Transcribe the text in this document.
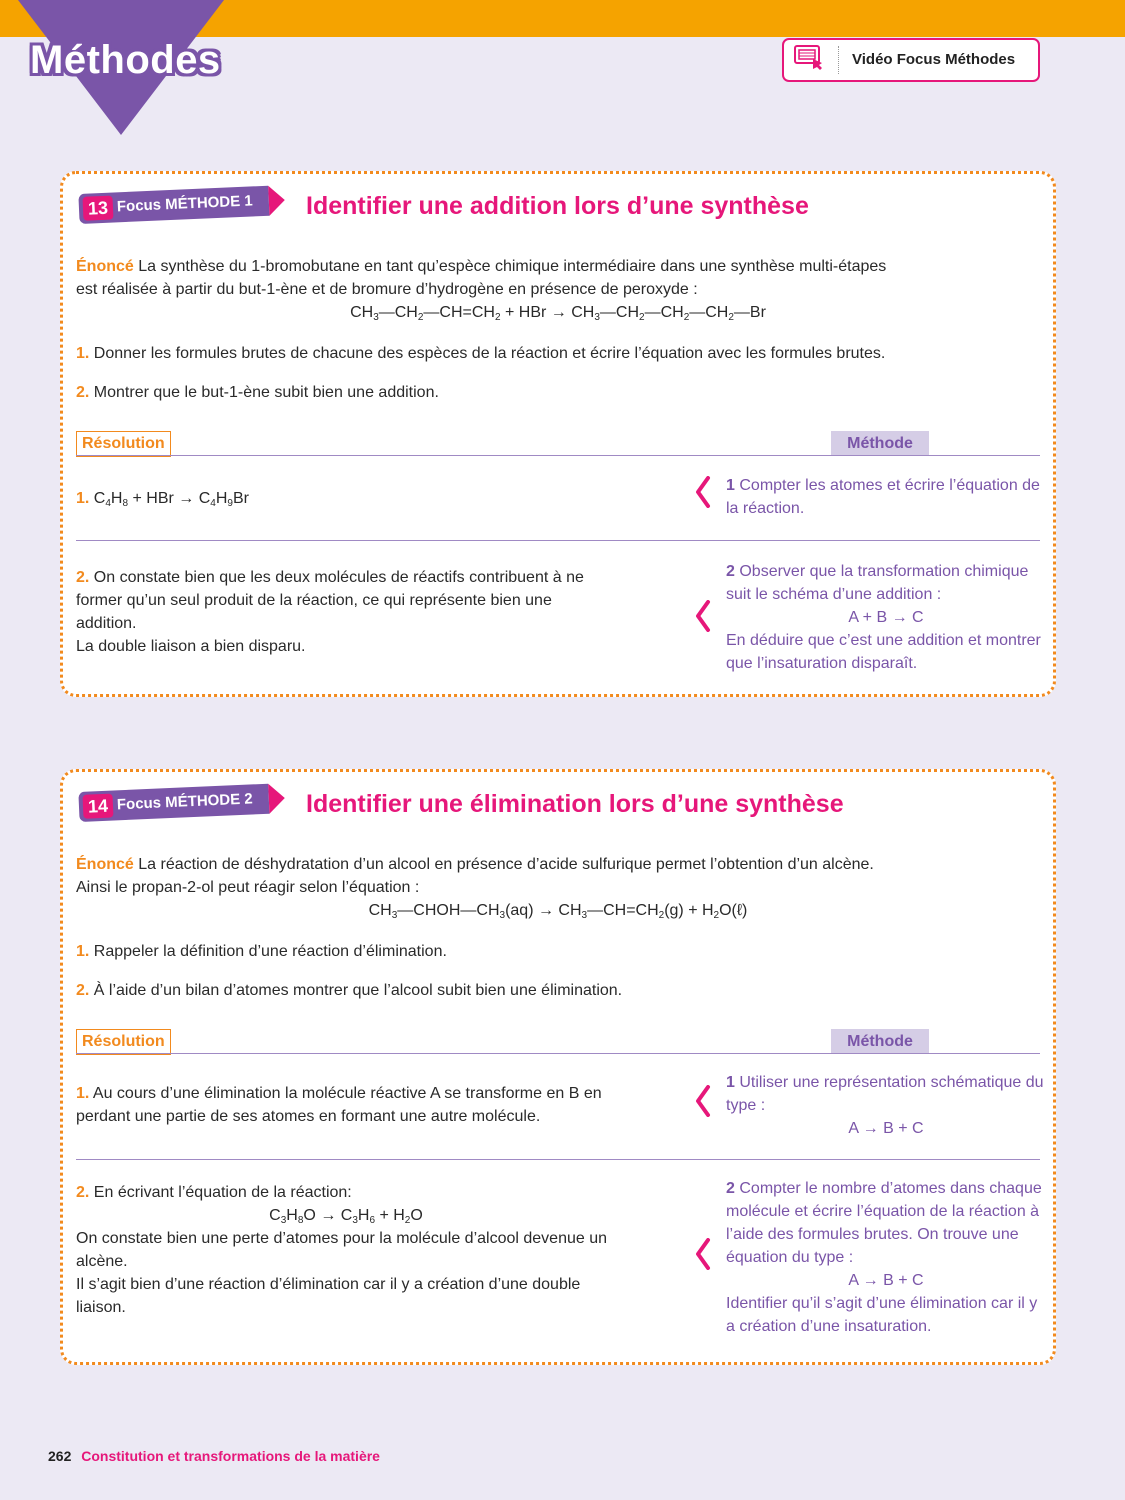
Méthodes	Vidéo Focus Méthodes
13 Focus MÉTHODE 1 Identifier une addition lors d’une synthèse
Énoncé La synthèse du 1-bromobutane en tant qu’espèce chimique intermédiaire dans une synthèse multi-étapes
est réalisée à partir du but-1-ène et de bromure d’hydrogène en présence de peroxyde :
$CH_3—CH_2—CH=CH_2$ + HBr → $CH_3—CH_2—CH_2—CH_2—Br$
1. Donner les formules brutes de chacune des espèces de la réaction et écrire l’équation avec les formules brutes.
2. Montrer que le but-1-ène subit bien une addition.
Résolution	Méthode
1. $C_4H_8$ + HBr → $C_4H_9Br$
1 Compter les atomes et écrire l’équation de la réaction.
2. On constate bien que les deux molécules de réactifs contribuent à ne former qu’un seul produit de la réaction, ce qui représente bien une addition.
La double liaison a bien disparu.
2 Observer que la transformation chimique suit le schéma d’une addition :
A + B → C
En déduire que c’est une addition et montrer que l’insaturation disparaît.
14 Focus MÉTHODE 2 Identifier une élimination lors d’une synthèse
Énoncé La réaction de déshydratation d’un alcool en présence d’acide sulfurique permet l’obtention d’un alcène.
Ainsi le propan-2-ol peut réagir selon l’équation :
$CH_3—CHOH—CH_3(aq)$ → $CH_3—CH=CH_2(g)$ + $H_2O(\ell)$
1. Rappeler la définition d’une réaction d’élimination.
2. À l’aide d’un bilan d’atomes montrer que l’alcool subit bien une élimination.
Résolution	Méthode
1. Au cours d’une élimination la molécule réactive A se transforme en B en perdant une partie de ses atomes en formant une autre molécule.
1 Utiliser une représentation schématique du type :
A → B + C
2. En écrivant l’équation de la réaction:
$C_3H_8O \to C_3H_6 + H_2O$
On constate bien une perte d’atomes pour la molécule d’alcool devenue un alcène.
Il s’agit bien d’une réaction d’élimination car il y a création d’une double liaison.
2 Compter le nombre d’atomes dans chaque molécule et écrire l’équation de la réaction à l’aide des formules brutes. On trouve une équation du type :
A → B + C
Identifier qu’il s’agit d’une élimination car il y a création d’une insaturation.
262 Constitution et transformations de la matière
